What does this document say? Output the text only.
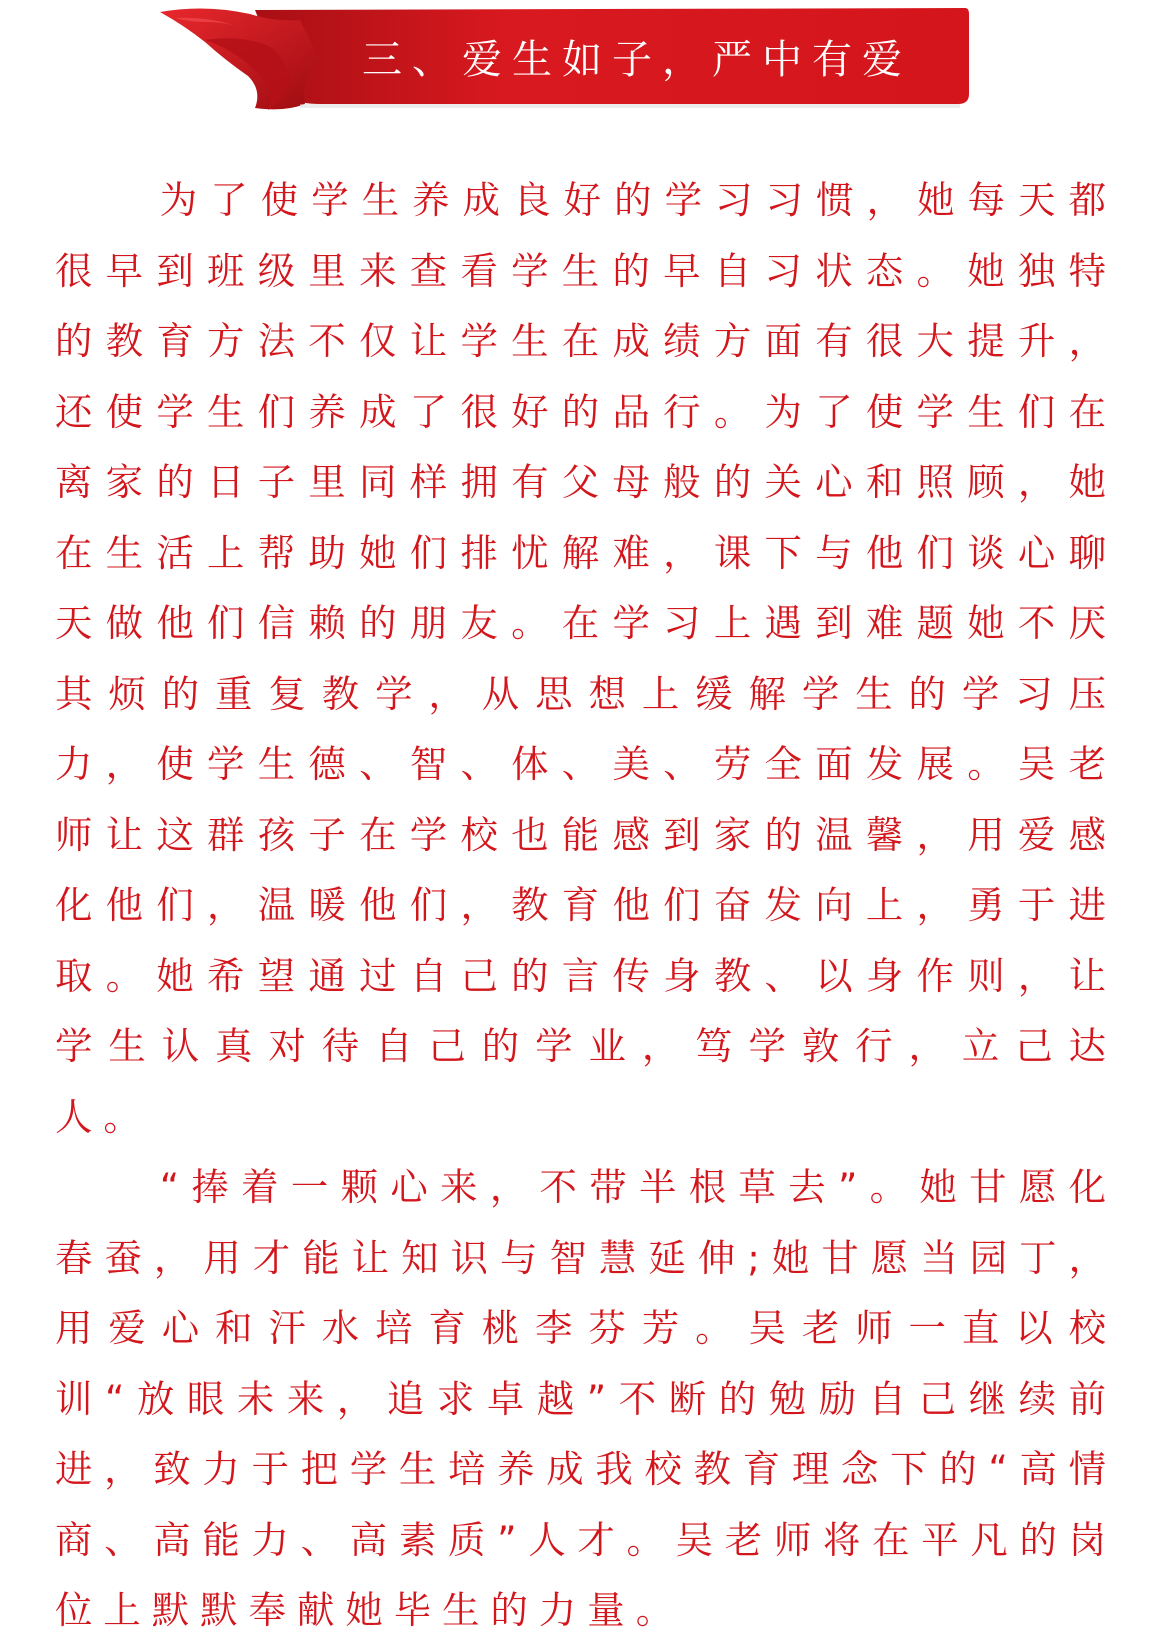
三、爱生如子，严中有爱

为了使学生养成良好的学习习惯，她每天都很早到班级里来查看学生的早自习状态。她独特的教育方法不仅让学生在成绩方面有很大提升，还使学生们养成了很好的品行。为了使学生们在离家的日子里同样拥有父母般的关心和照顾，她在生活上帮助她们排忧解难，课下与他们谈心聊天做他们信赖的朋友。在学习上遇到难题她不厌其烦的重复教学，从思想上缓解学生的学习压力，使学生德、智、体、美、劳全面发展。吴老师让这群孩子在学校也能感到家的温馨，用爱感化他们，温暖他们，教育他们奋发向上，勇于进取。她希望通过自己的言传身教、以身作则，让学生认真对待自己的学业，笃学敦行，立己达人。

“捧着一颗心来，不带半根草去”。她甘愿化春蚕，用才能让知识与智慧延伸;她甘愿当园丁，用爱心和汗水培育桃李芬芳。吴老师一直以校训“放眼未来，追求卓越”不断的勉励自己继续前进，致力于把学生培养成我校教育理念下的“高情商、高能力、高素质”人才。吴老师将在平凡的岗位上默默奉献她毕生的力量。
